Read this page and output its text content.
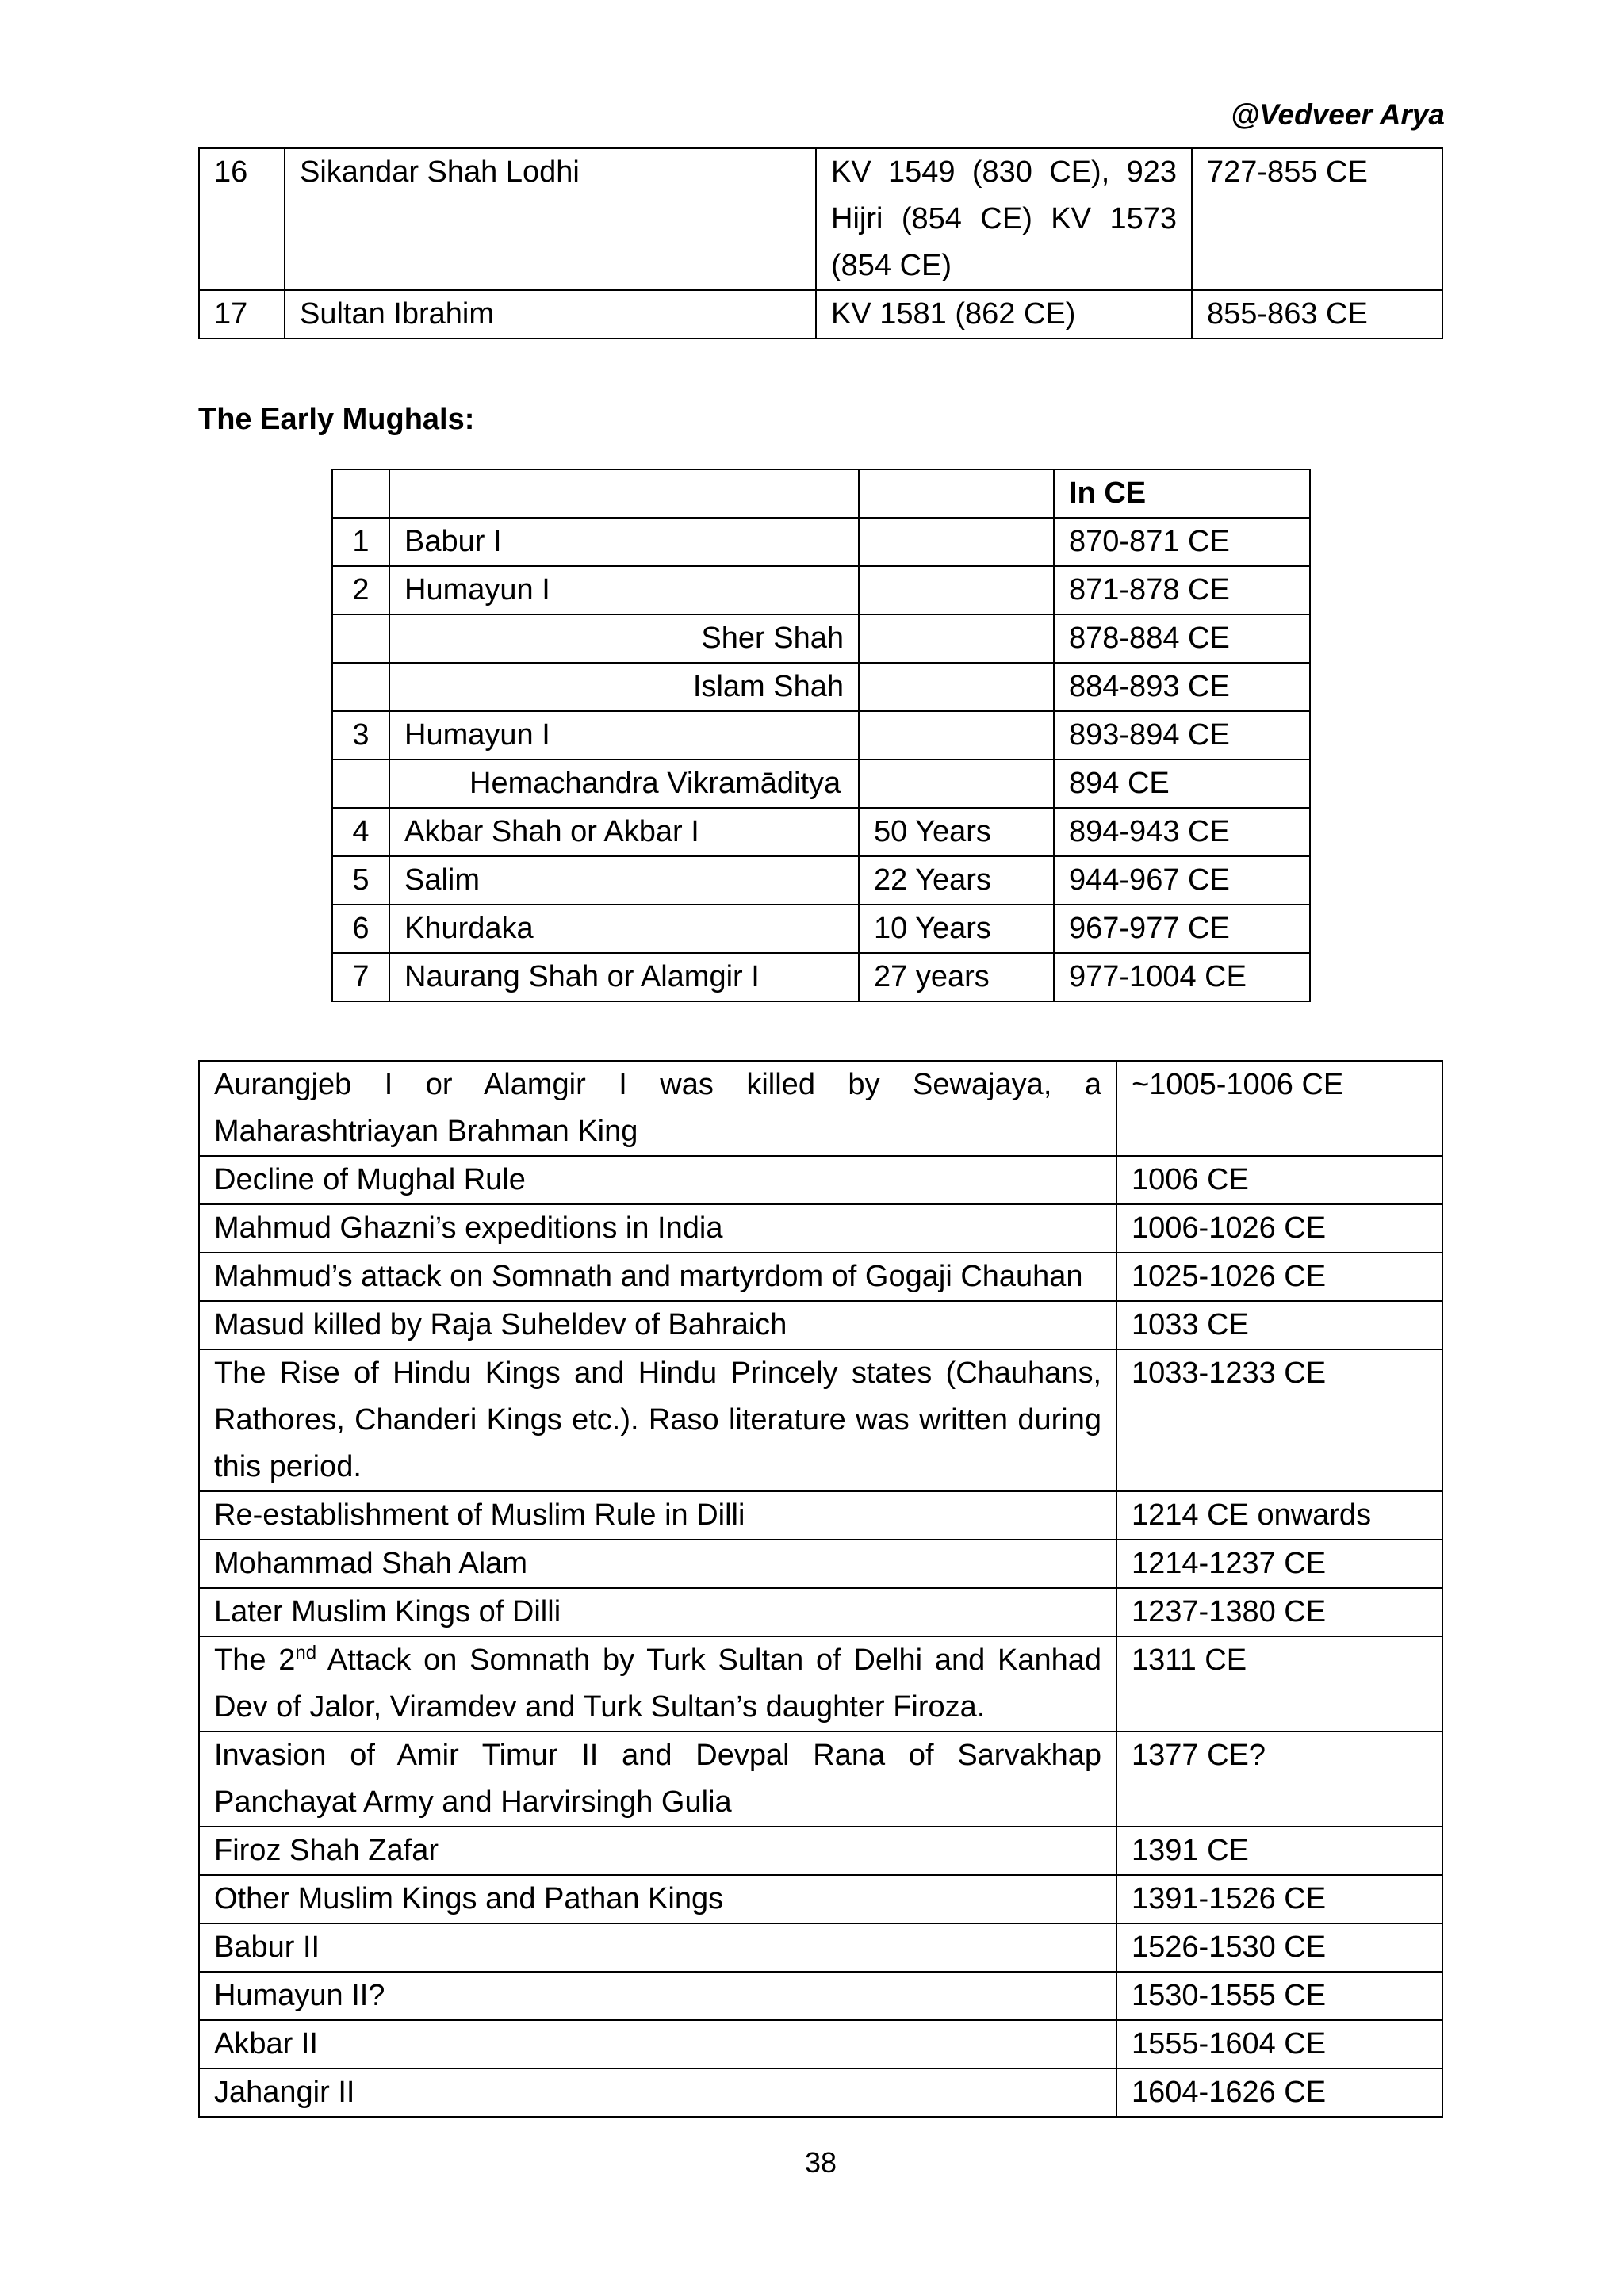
@Vedveer Arya
16	Sikandar Shah Lodhi	KV 1549 (830 CE), 923 Hijri (854 CE) KV 1573 (854 CE)	727-855 CE
17	Sultan Ibrahim	KV 1581 (862 CE)	855-863 CE
The Early Mughals:
			In CE
1	Babur I		870-871 CE
2	Humayun I		871-878 CE
	Sher Shah		878-884 CE
	Islam Shah		884-893 CE
3	Humayun I		893-894 CE
	Hemachandra Vikramāditya		894 CE
4	Akbar Shah or Akbar I	50 Years	894-943 CE
5	Salim	22 Years	944-967 CE
6	Khurdaka	10 Years	967-977 CE
7	Naurang Shah or Alamgir I	27 years	977-1004 CE
Aurangjeb I or Alamgir I was killed by Sewajaya, a Maharashtriayan Brahman King	~1005-1006 CE
Decline of Mughal Rule	1006 CE
Mahmud Ghazni’s expeditions in India	1006-1026 CE
Mahmud’s attack on Somnath and martyrdom of Gogaji Chauhan	1025-1026 CE
Masud killed by Raja Suheldev of Bahraich	1033 CE
The Rise of Hindu Kings and Hindu Princely states (Chauhans, Rathores, Chanderi Kings etc.). Raso literature was written during this period.	1033-1233 CE
Re-establishment of Muslim Rule in Dilli	1214 CE onwards
Mohammad Shah Alam	1214-1237 CE
Later Muslim Kings of Dilli	1237-1380 CE
The 2nd Attack on Somnath by Turk Sultan of Delhi and Kanhad Dev of Jalor, Viramdev and Turk Sultan’s daughter Firoza.	1311 CE
Invasion of Amir Timur II and Devpal Rana of Sarvakhap Panchayat Army and Harvirsingh Gulia	1377 CE?
Firoz Shah Zafar	1391 CE
Other Muslim Kings and Pathan Kings	1391-1526 CE
Babur II	1526-1530 CE
Humayun II?	1530-1555 CE
Akbar II	1555-1604 CE
Jahangir II	1604-1626 CE
38
